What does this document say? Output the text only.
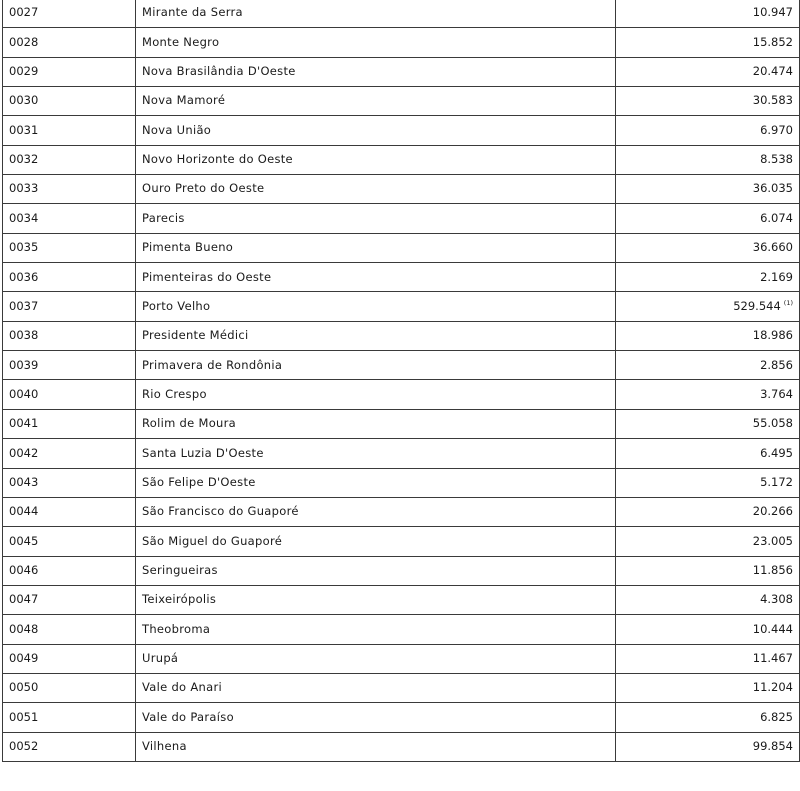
0027	Mirante da Serra	10.947
0028	Monte Negro	15.852
0029	Nova Brasilândia D'Oeste	20.474
0030	Nova Mamoré	30.583
0031	Nova União	6.970
0032	Novo Horizonte do Oeste	8.538
0033	Ouro Preto do Oeste	36.035
0034	Parecis	6.074
0035	Pimenta Bueno	36.660
0036	Pimenteiras do Oeste	2.169
0037	Porto Velho	529.544 $^{(1)}$
0038	Presidente Médici	18.986
0039	Primavera de Rondônia	2.856
0040	Rio Crespo	3.764
0041	Rolim de Moura	55.058
0042	Santa Luzia D'Oeste	6.495
0043	São Felipe D'Oeste	5.172
0044	São Francisco do Guaporé	20.266
0045	São Miguel do Guaporé	23.005
0046	Seringueiras	11.856
0047	Teixeirópolis	4.308
0048	Theobroma	10.444
0049	Urupá	11.467
0050	Vale do Anari	11.204
0051	Vale do Paraíso	6.825
0052	Vilhena	99.854
